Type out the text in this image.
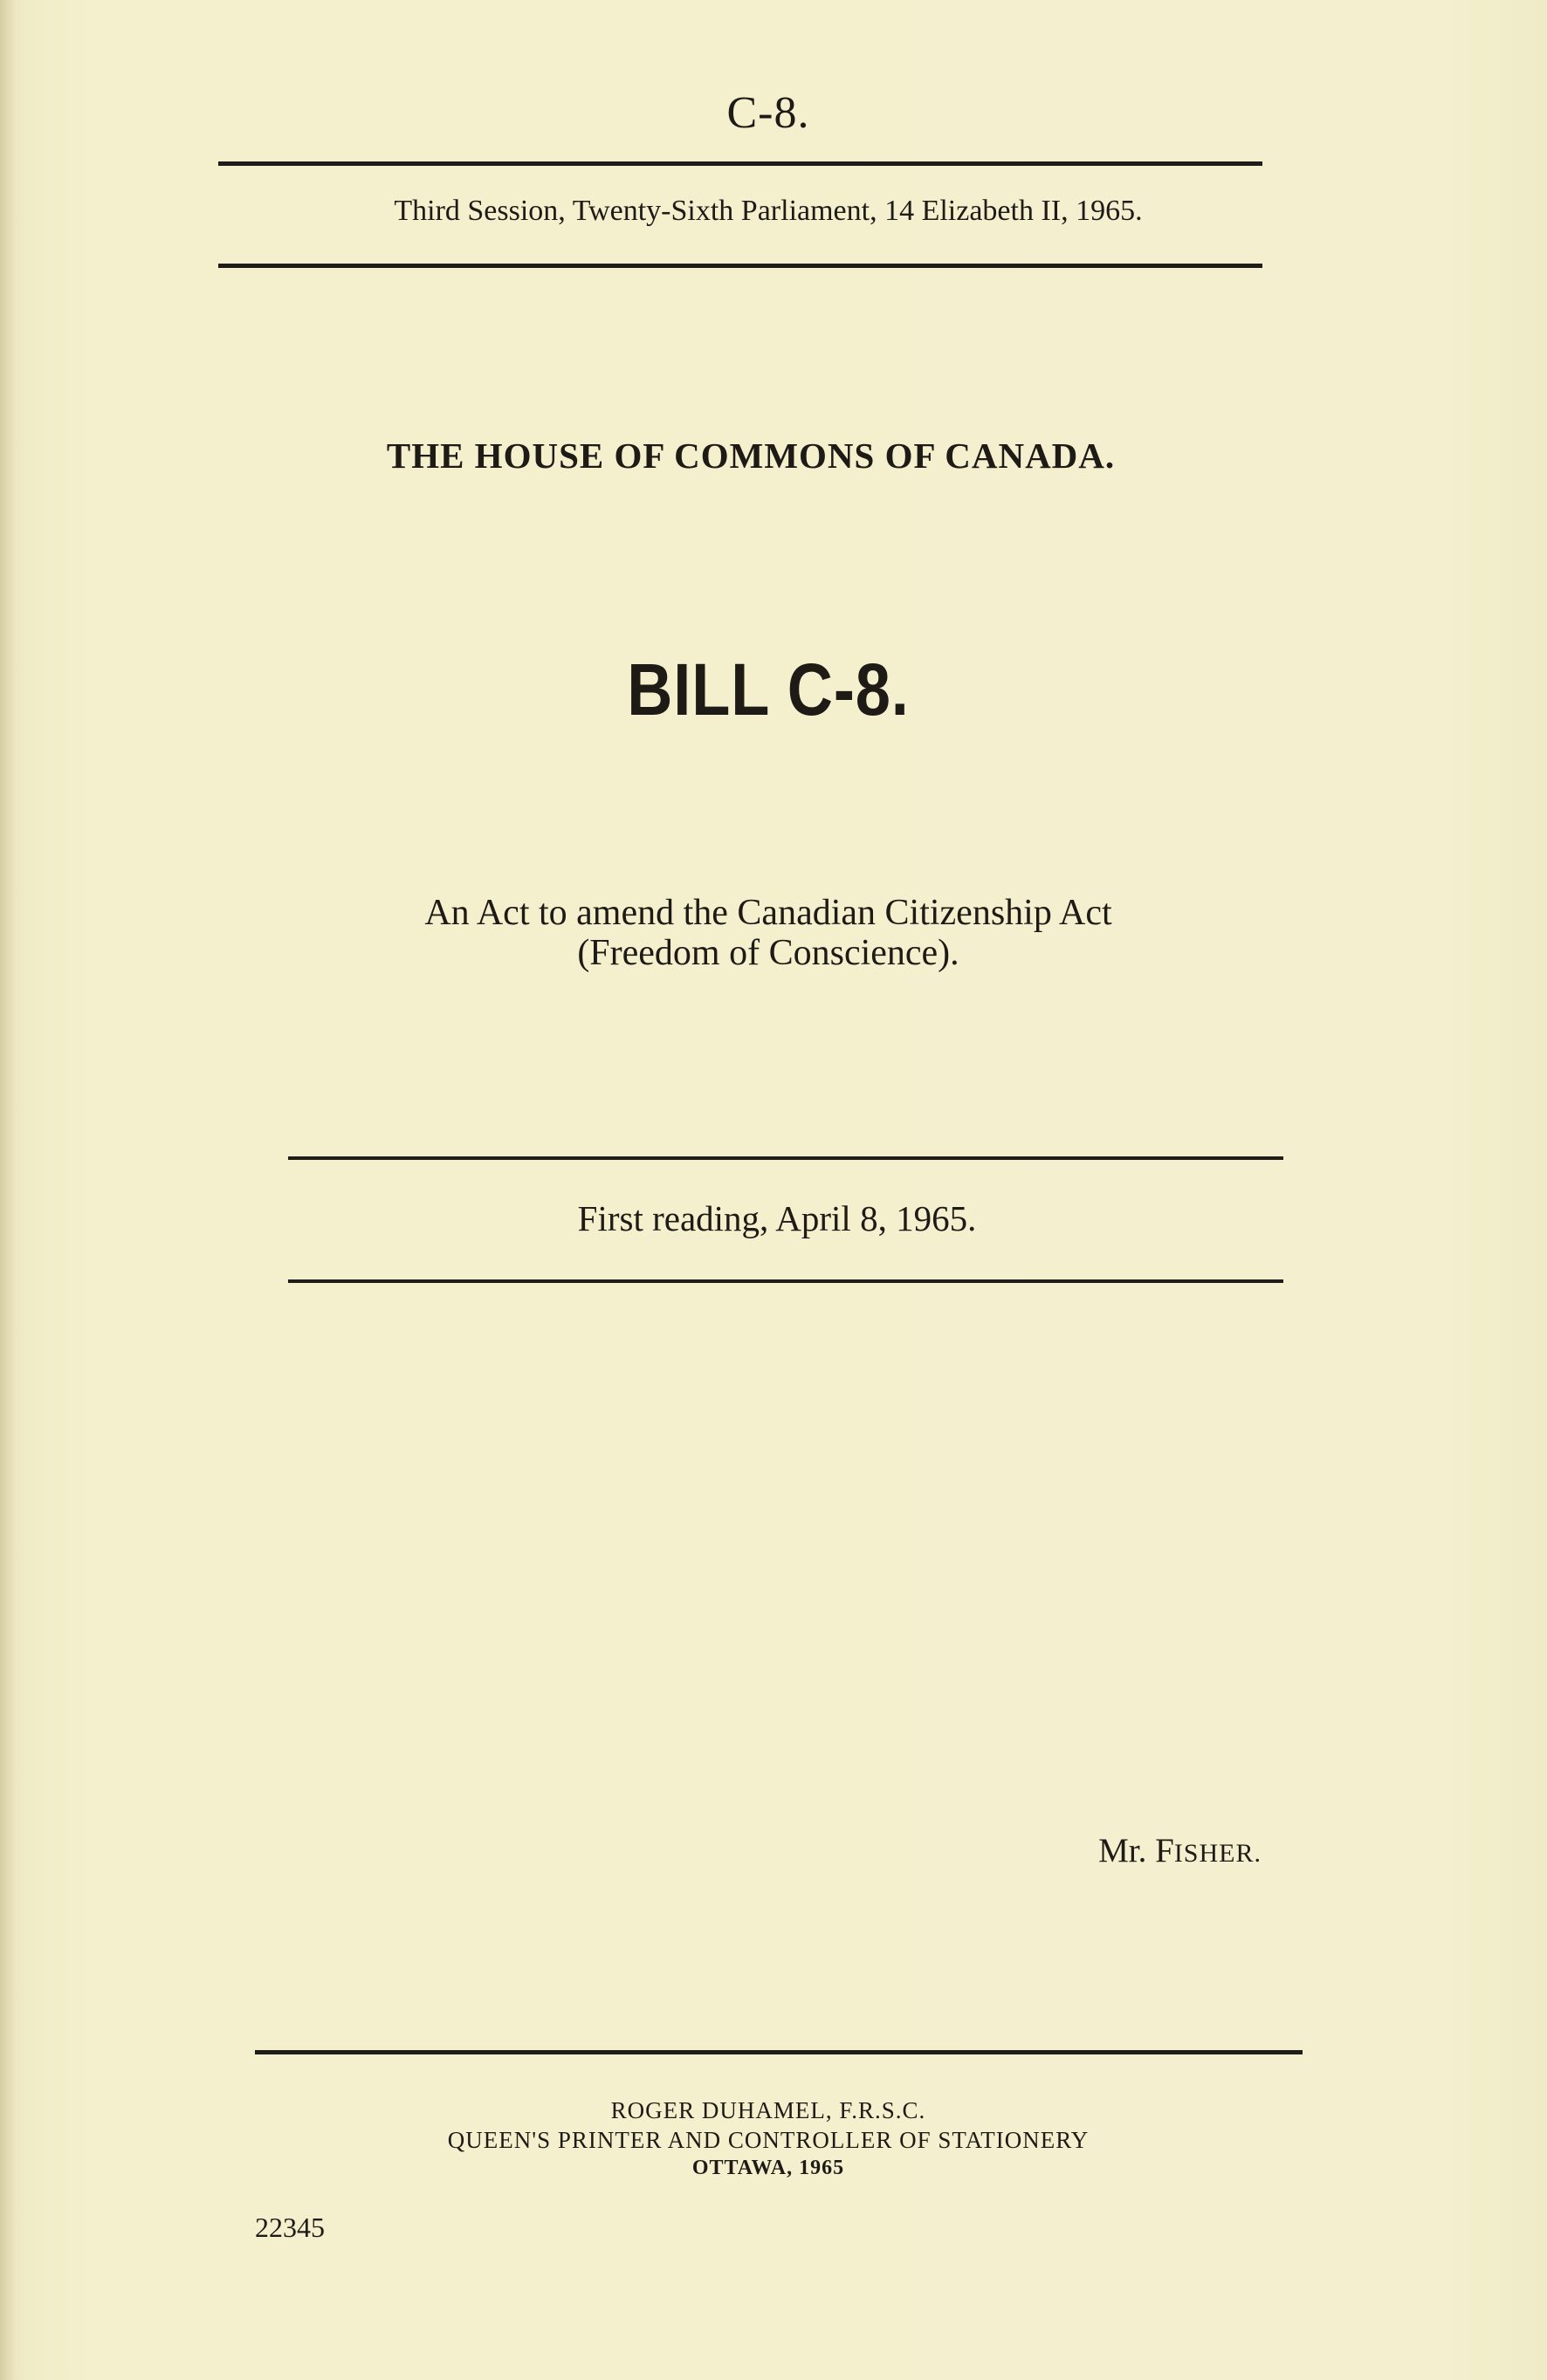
C-8.
Third Session, Twenty-Sixth Parliament, 14 Elizabeth II, 1965.
THE HOUSE OF COMMONS OF CANADA.
BILL C-8.
An Act to amend the Canadian Citizenship Act
(Freedom of Conscience).
First reading, April 8, 1965.
Mr. FISHER.
ROGER DUHAMEL, F.R.S.C.
QUEEN'S PRINTER AND CONTROLLER OF STATIONERY
OTTAWA, 1965
22345
